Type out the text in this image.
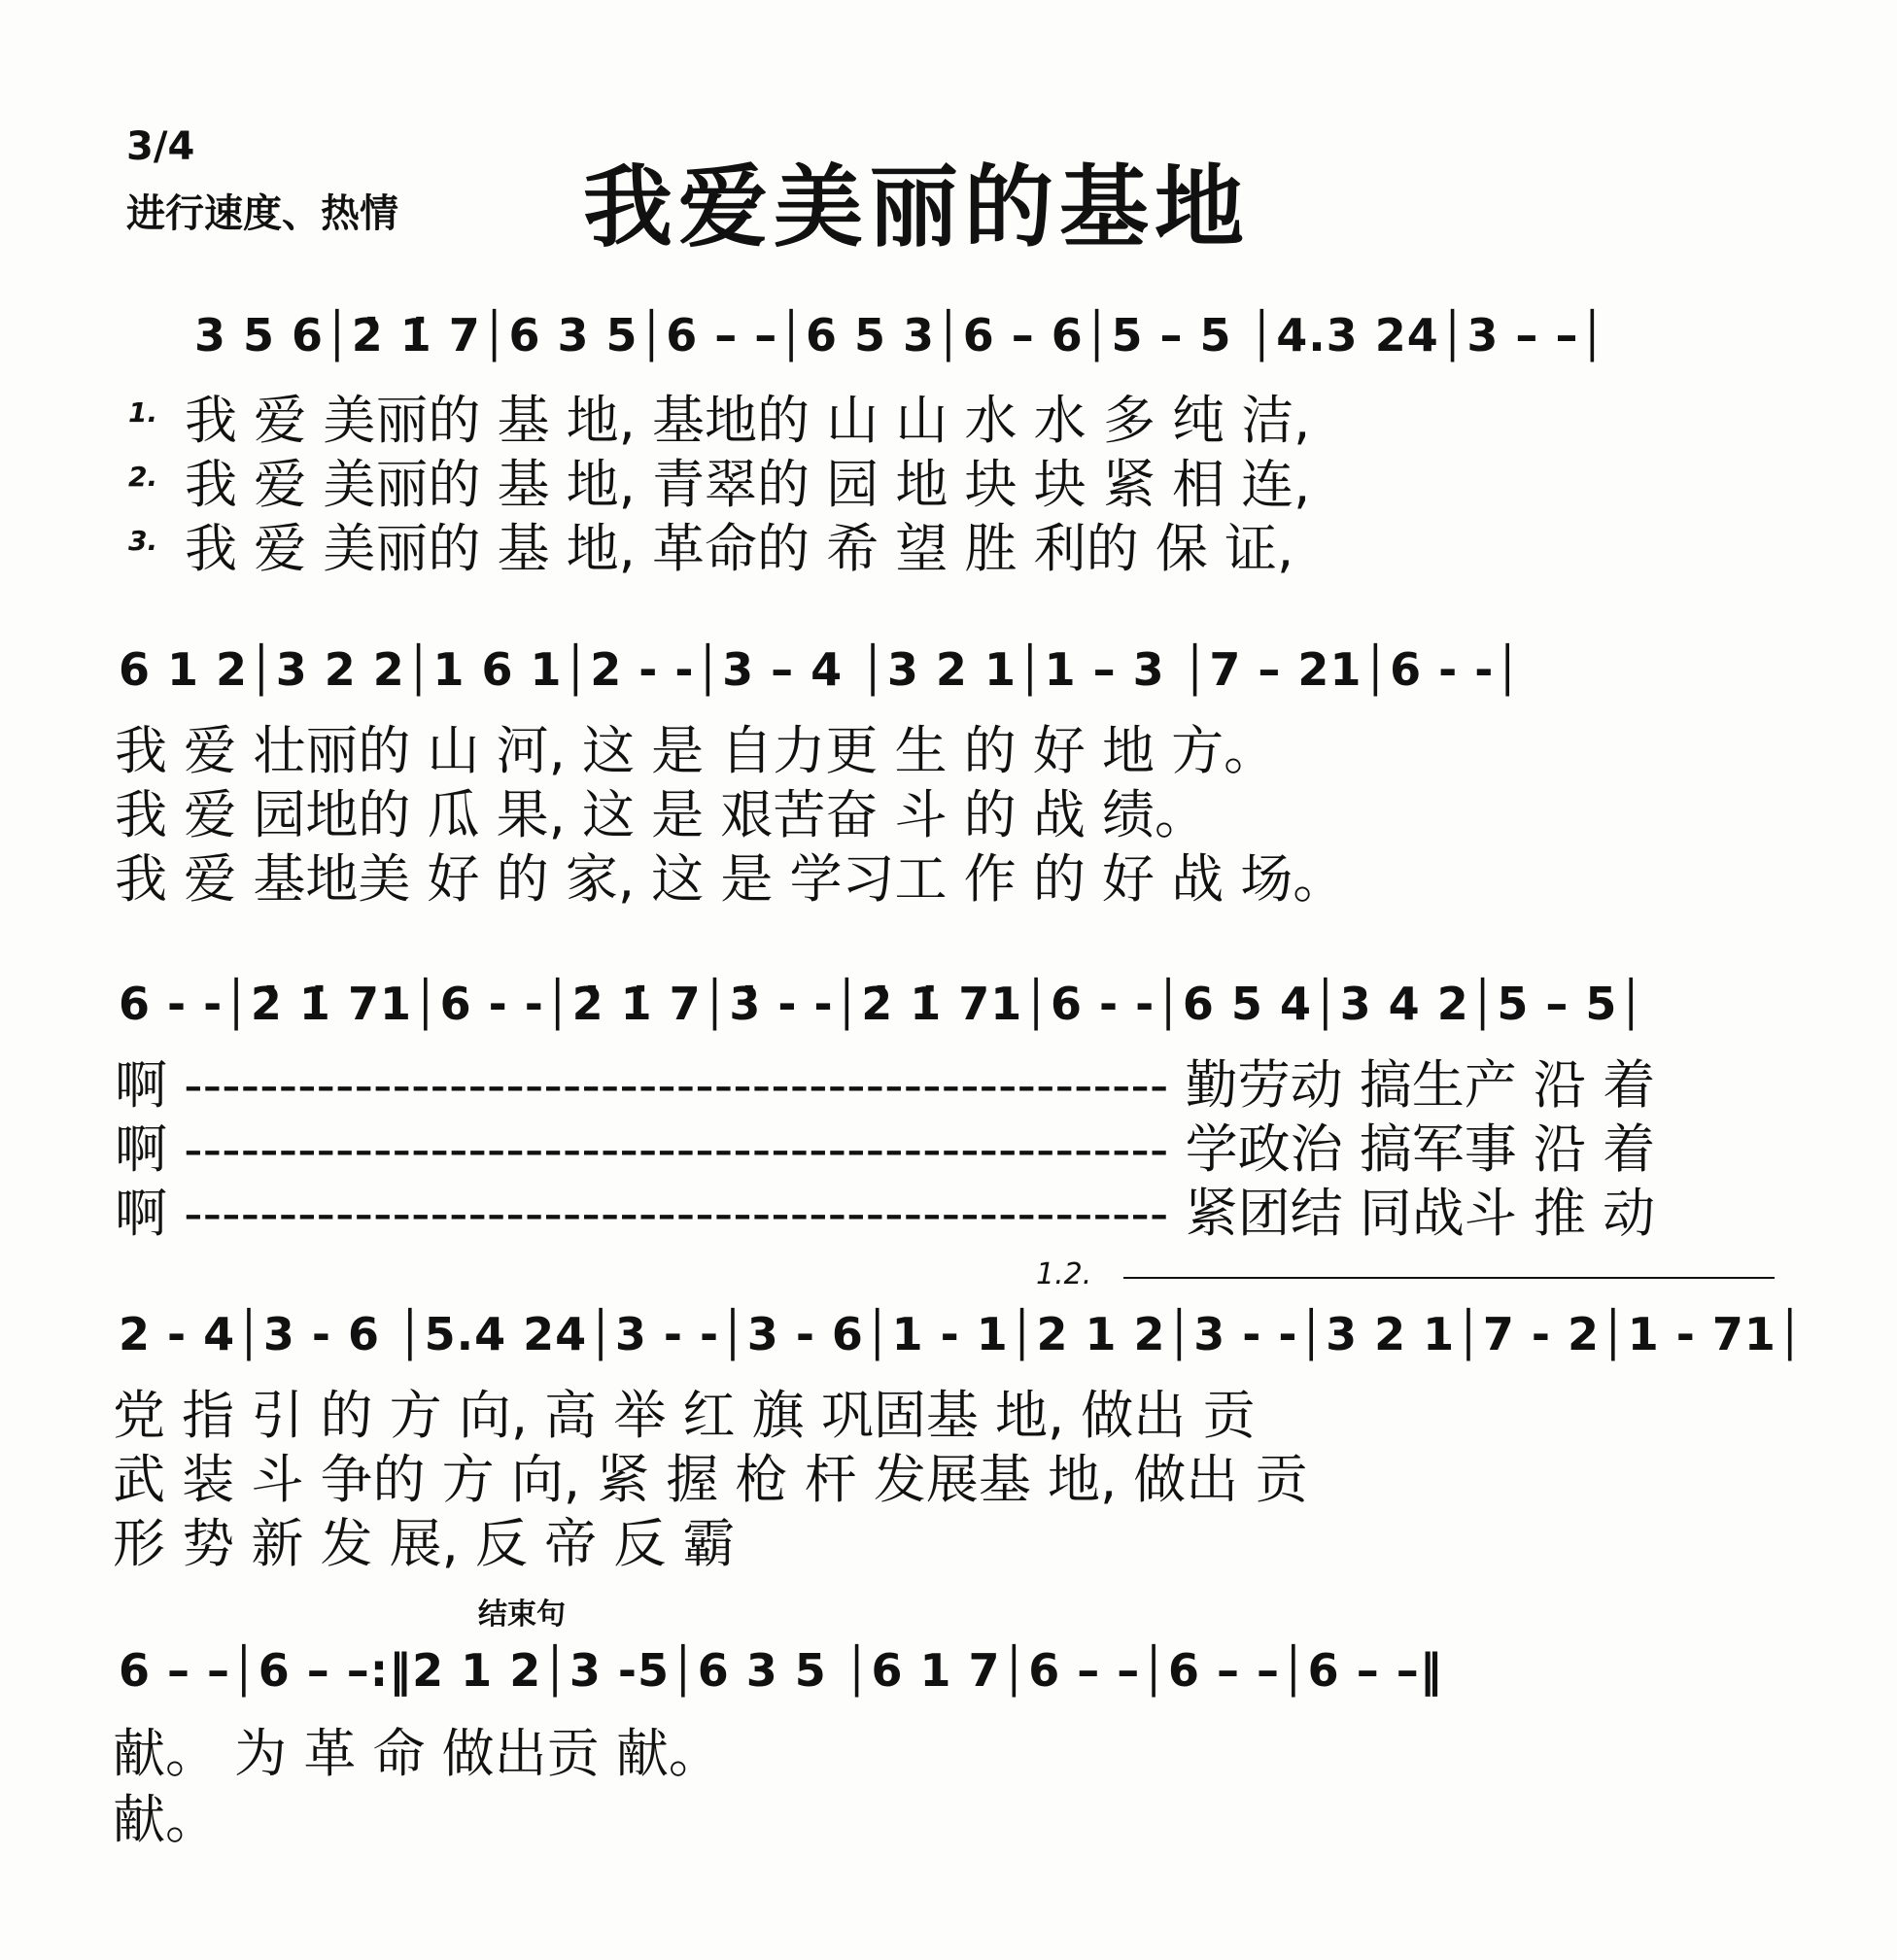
3/4
进行速度、热情 我爱美丽的基地
3 5 6│2̇ 1̇ 7│6 3 5│6 – –│6 5 3│6 – 6│5 – 5 │4.3 24│3 – –│
1.
2.
3.
我 爱 美丽的 基 地, 基地的 山 山 水 水 多 纯 洁,
我 爱 美丽的 基 地, 青翠的 园 地 块 块 紧 相 连,
我 爱 美丽的 基 地, 革命的 希 望 胜 利的 保 证,
6 1 2│3 2 2│1 6 1│2 - -│3 – 4 │3 2 1│1 – 3 │7 – 21│6 - -│
我 爱 壮丽的 山 河, 这 是 自力更 生 的 好 地 方。
我 爱 园地的 瓜 果, 这 是 艰苦奋 斗 的 战 绩。
我 爱 基地美 好 的 家, 这 是 学习工 作 的 好 战 场。
6 - -│2̇ 1̇ 71│6 - -│2̇ 1̇ 7│3̇ - -│2̇ 1̇ 71│6 - -│6 5 4│3 4 2│5 – 5│
啊 ---------------------------------------------------- 勤劳动 搞生产 沿 着
啊 ---------------------------------------------------- 学政治 搞军事 沿 着
啊 ---------------------------------------------------- 紧团结 同战斗 推 动
1.2.
2 - 4│3 - 6 │5.4 24│3 - -│3 - 6│1 - 1│2 1 2│3 - -│3 2 1│7 - 2│1 - 71│
党 指 引 的 方 向, 高 举 红 旗 巩固基 地, 做出 贡
武 装 斗 争的 方 向, 紧 握 枪 杆 发展基 地, 做出 贡
形 势 新 发 展, 反 帝 反 霸
结束句
6 – –│6 – –:‖2 1 2│3 -5│6 3 5 │6 1 7│6 – –│6 – –│6 – –‖
献。 为 革 命 做出贡 献。
献。
